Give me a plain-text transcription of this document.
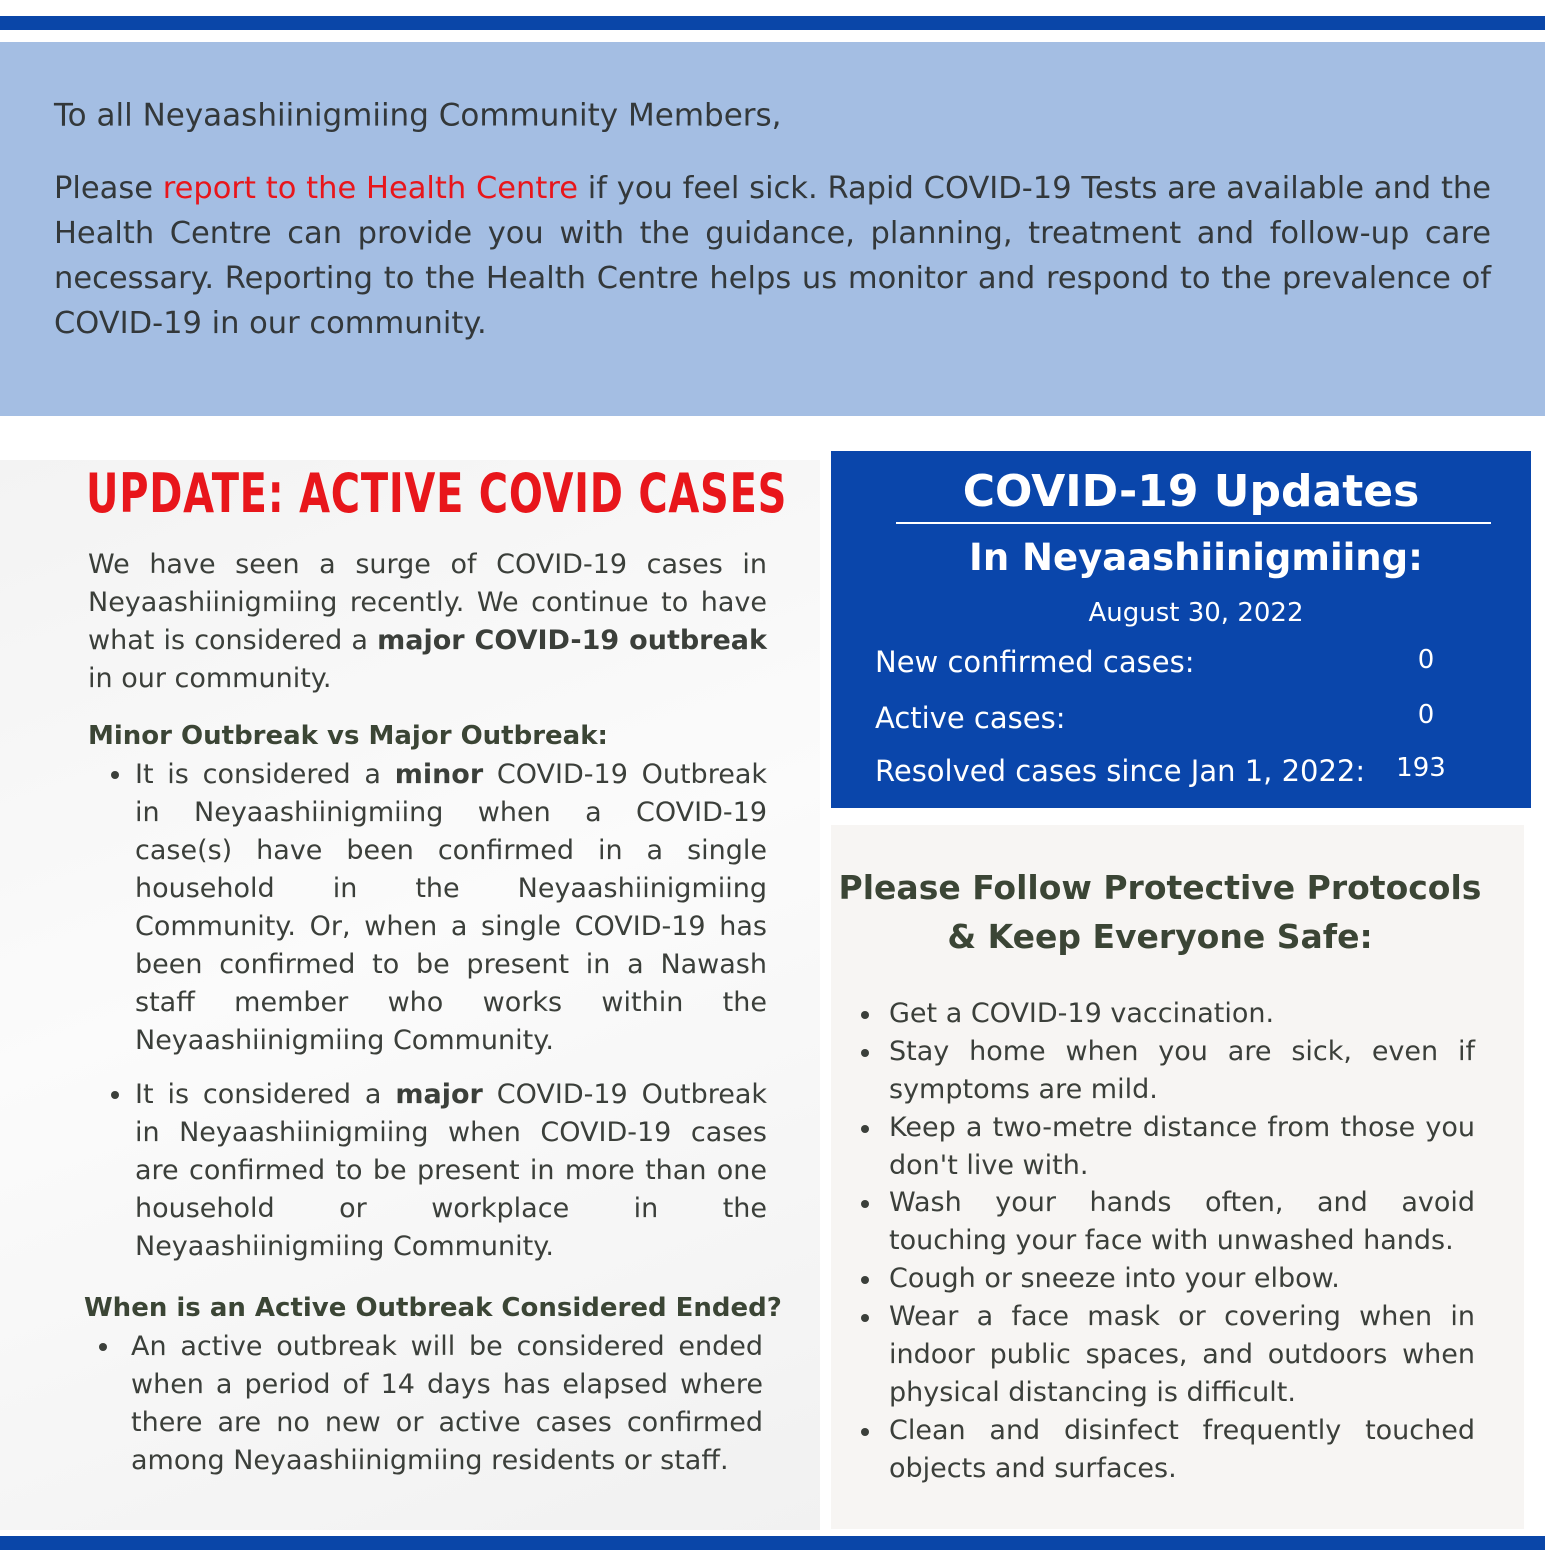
To all Neyaashiinigmiing Community Members,

Please report to the Health Centre if you feel sick. Rapid COVID-19 Tests are available and the Health Centre can provide you with the guidance, planning, treatment and follow-up care necessary. Reporting to the Health Centre helps us monitor and respond to the prevalence of COVID-19 in our community.

UPDATE: ACTIVE COVID CASES

We have seen a surge of COVID-19 cases in Neyaashiinigmiing recently. We continue to have what is considered a major COVID-19 outbreak in our community.

Minor Outbreak vs Major Outbreak:

It is considered a minor COVID-19 Outbreak in Neyaashiinigmiing when a COVID-19 case(s) have been confirmed in a single household in the Neyaashiinigmiing Community. Or, when a single COVID-19 has been confirmed to be present in a Nawash staff member who works within the Neyaashiinigmiing Community.

It is considered a major COVID-19 Outbreak in Neyaashiinigmiing when COVID-19 cases are confirmed to be present in more than one household or workplace in the Neyaashiinigmiing Community.

When is an Active Outbreak Considered Ended?

An active outbreak will be considered ended when a period of 14 days has elapsed where there are no new or active cases confirmed among Neyaashiinigmiing residents or staff.

COVID-19 Updates
In Neyaashiinigmiing:

August 30, 2022

New confirmed cases:	0

Active cases:	0

Resolved cases since Jan 1, 2022: 193

Please Follow Protective Protocols
& Keep Everyone Safe:

Get a COVID-19 vaccination.

Stay home when you are sick, even if symptoms are mild.

Keep a two-metre distance from those you don't live with.

Wash your hands often, and avoid touching your face with unwashed hands.

Cough or sneeze into your elbow.

Wear a face mask or covering when in indoor public spaces, and outdoors when physical distancing is difficult.

Clean and disinfect frequently touched objects and surfaces.
